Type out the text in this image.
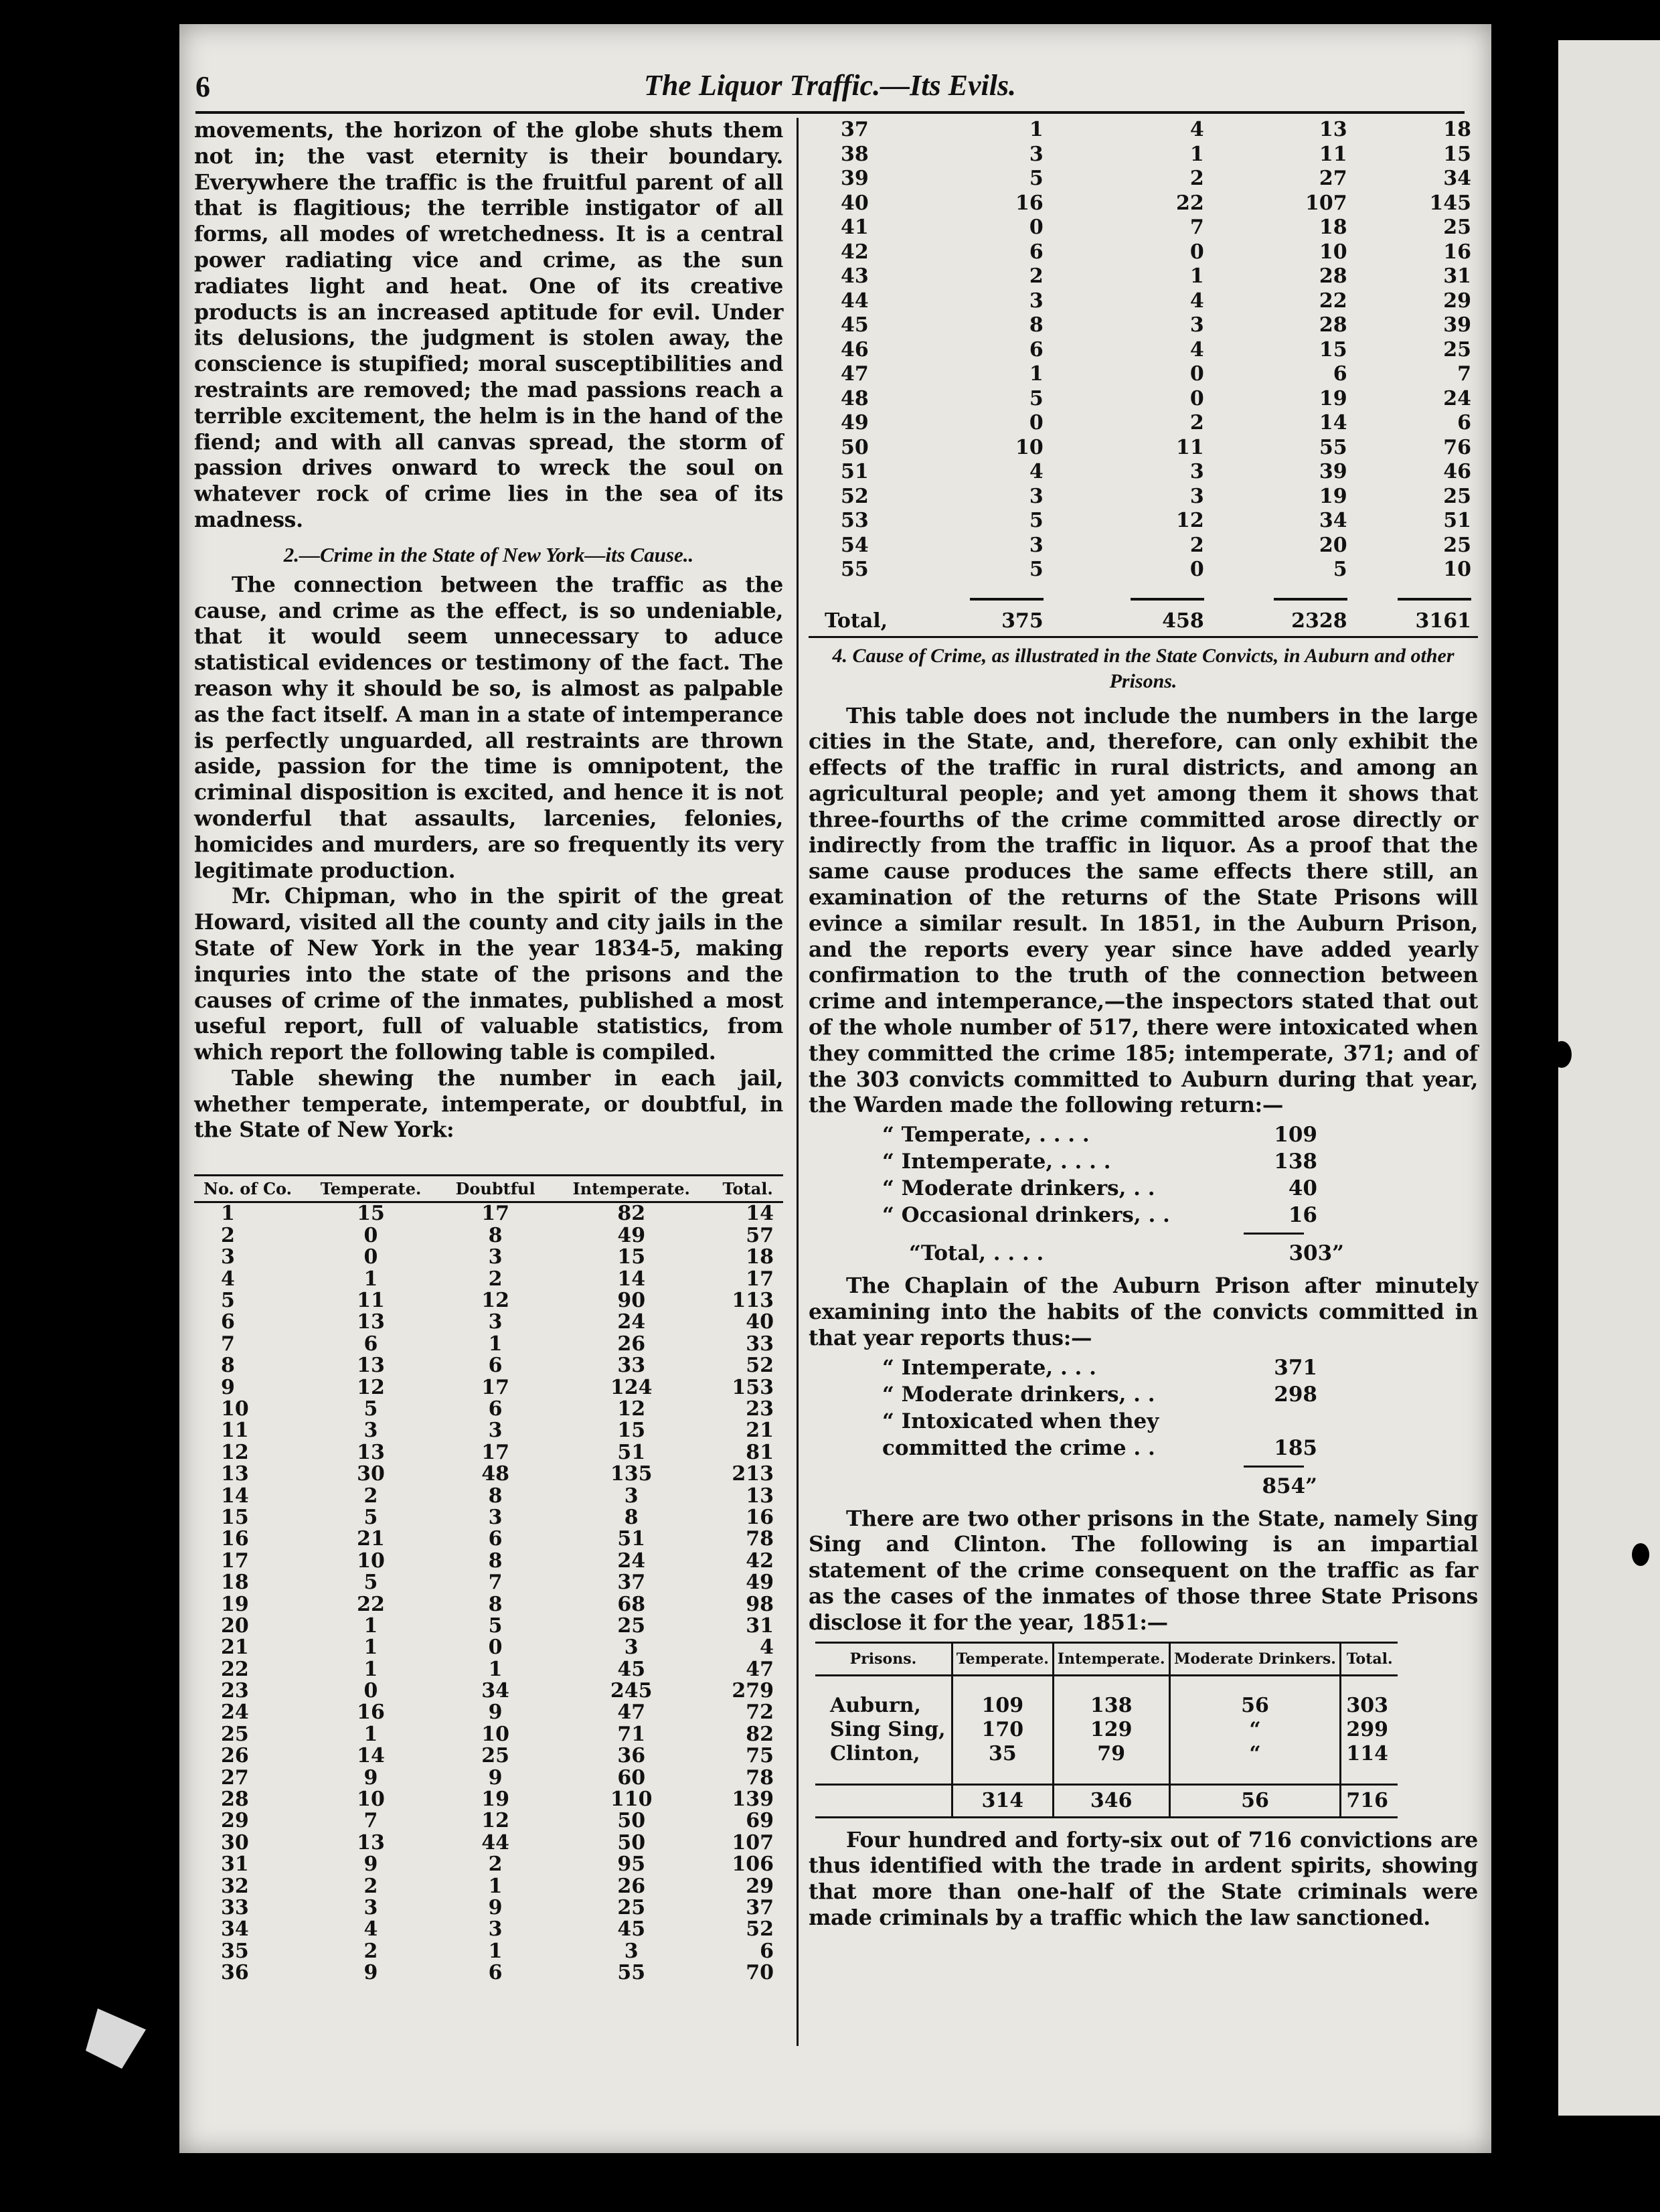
6	The Liquor Traffic.—Its Evils.

movements, the horizon of the globe shuts them not in; the vast eternity is their boundary. Everywhere the traffic is the fruitful parent of all that is flagitious; the terrible instigator of all forms, all modes of wretchedness. It is a central power radiating vice and crime, as the sun radiates light and heat. One of its creative products is an increased aptitude for evil. Under its delusions, the judgment is stolen away, the conscience is stupified; moral susceptibilities and restraints are removed; the mad passions reach a terrible excitement, the helm is in the hand of the fiend; and with all canvas spread, the storm of passion drives onward to wreck the soul on whatever rock of crime lies in the sea of its madness.

2.—Crime in the State of New York—its Cause..

The connection between the traffic as the cause, and crime as the effect, is so undeniable, that it would seem unnecessary to aduce statistical evidences or testimony of the fact. The reason why it should be so, is almost as palpable as the fact itself. A man in a state of intemperance is perfectly unguarded, all restraints are thrown aside, passion for the time is omnipotent, the criminal disposition is excited, and hence it is not wonderful that assaults, larcenies, felonies, homicides and murders, are so frequently its very legitimate production.

Mr. Chipman, who in the spirit of the great Howard, visited all the county and city jails in the State of New York in the year 1834-5, making inquries into the state of the prisons and the causes of crime of the inmates, published a most useful report, full of valuable statistics, from which report the following table is compiled.

Table shewing the number in each jail, whether temperate, intemperate, or doubtful, in the State of New York:

No. of Co.	Temperate.	Doubtful	Intemperate.	Total.
1	15	17	82	14
2	0	8	49	57
3	0	3	15	18
4	1	2	14	17
5	11	12	90	113
6	13	3	24	40
7	6	1	26	33
8	13	6	33	52
9	12	17	124	153
10	5	6	12	23
11	3	3	15	21
12	13	17	51	81
13	30	48	135	213
14	2	8	3	13
15	5	3	8	16
16	21	6	51	78
17	10	8	24	42
18	5	7	37	49
19	22	8	68	98
20	1	5	25	31
21	1	0	3	4
22	1	1	45	47
23	0	34	245	279
24	16	9	47	72
25	1	10	71	82
26	14	25	36	75
27	9	9	60	78
28	10	19	110	139
29	7	12	50	69
30	13	44	50	107
31	9	2	95	106
32	2	1	26	29
33	3	9	25	37
34	4	3	45	52
35	2	1	3	6
36	9	6	55	70
37	1	4	13	18
38	3	1	11	15
39	5	2	27	34
40	16	22	107	145
41	0	7	18	25
42	6	0	10	16
43	2	1	28	31
44	3	4	22	29
45	8	3	28	39
46	6	4	15	25
47	1	0	6	7
48	5	0	19	24
49	0	2	14	6
50	10	11	55	76
51	4	3	39	46
52	3	3	19	25
53	5	12	34	51
54	3	2	20	25
55	5	0	5	10

Total,	375	458	2328	3161
4. Cause of Crime, as illustrated in the State Convicts, in Auburn and other Prisons.

This table does not include the numbers in the large cities in the State, and, therefore, can only exhibit the effects of the traffic in rural districts, and among an agricultural people; and yet among them it shows that three-fourths of the crime committed arose directly or indirectly from the traffic in liquor. As a proof that the same cause produces the same effects there still, an examination of the returns of the State Prisons will evince a similar result. In 1851, in the Auburn Prison, and the reports every year since have added yearly confirmation to the truth of the connection between crime and intemperance,—the inspectors stated that out of the whole number of 517, there were intoxicated when they committed the crime 185; intemperate, 371; and of the 303 convicts committed to Auburn during that year, the Warden made the following return:—

“ Temperate, . . . .	109
“ Intemperate, . . . .	138
“ Moderate drinkers, . .	40
“ Occasional drinkers, . .	16
“Total, . . . .	303”

The Chaplain of the Auburn Prison after minutely examining into the habits of the convicts committed in that year reports thus:—

“ Intemperate, . . .	371
“ Moderate drinkers, . .	298
“ Intoxicated when they committed the crime . .	185
854”

There are two other prisons in the State, namely Sing Sing and Clinton. The following is an impartial statement of the crime consequent on the traffic as far as the cases of the inmates of those three State Prisons disclose it for the year, 1851:—

Prisons.	Temperate.	Intemperate.	Moderate Drinkers.	Total.

Auburn,	109	138	56	303
Sing Sing,	170	129	“	299
Clinton,	35	79	“	114

	314	346	56	716

Four hundred and forty-six out of 716 convictions are thus identified with the trade in ardent spirits, showing that more than one-half of the State criminals were made criminals by a traffic which the law sanctioned.
